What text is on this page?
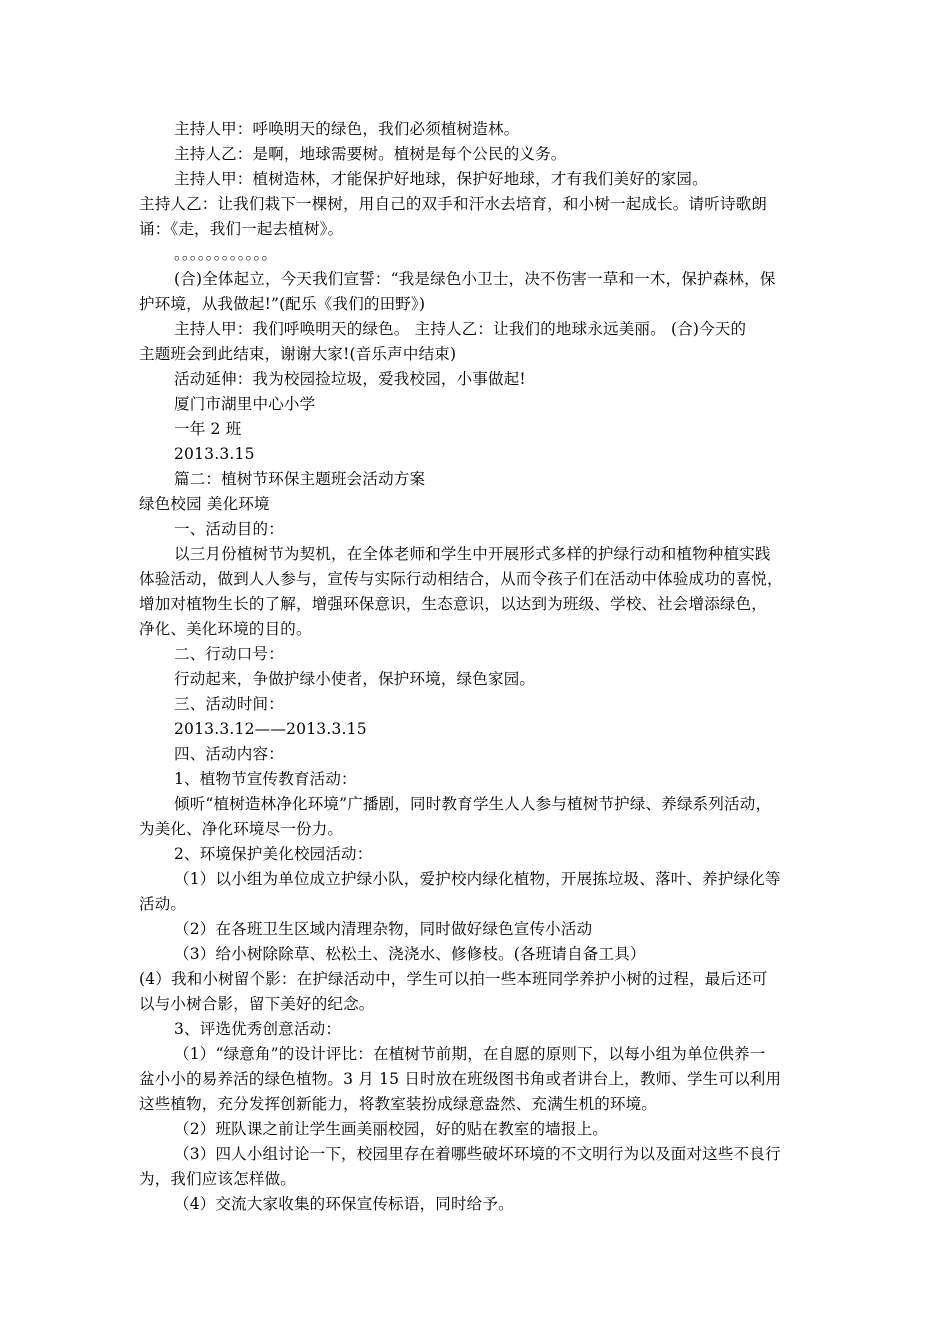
主持人甲：呼唤明天的绿色，我们必须植树造林。
主持人乙：是啊，地球需要树。植树是每个公民的义务。
主持人甲：植树造林，才能保护好地球，保护好地球，才有我们美好的家园。
主持人乙：让我们栽下一棵树，用自己的双手和汗水去培育，和小树一起成长。请听诗歌朗
诵：《走，我们一起去植树》。
。。。。。。。。。。。。
(合)全体起立，今天我们宣誓：“我是绿色小卫士，决不伤害一草和一木，保护森林，保
护环境，从我做起!”(配乐《我们的田野》)
主持人甲：我们呼唤明天的绿色。 主持人乙：让我们的地球永远美丽。 (合)今天的
主题班会到此结束，谢谢大家!(音乐声中结束)
活动延伸：我为校园捡垃圾，爱我校园，小事做起!
厦门市湖里中心小学
一年 2 班
2013.3.15
篇二：植树节环保主题班会活动方案
绿色校园 美化环境
一、活动目的：
以三月份植树节为契机，在全体老师和学生中开展形式多样的护绿行动和植物种植实践
体验活动，做到人人参与，宣传与实际行动相结合，从而令孩子们在活动中体验成功的喜悦，
增加对植物生长的了解，增强环保意识，生态意识，以达到为班级、学校、社会增添绿色，
净化、美化环境的目的。
二、行动口号：
行动起来，争做护绿小使者，保护环境，绿色家园。
三、活动时间：
2013.3.12——2013.3.15
四、活动内容：
1、植物节宣传教育活动：
倾听“植树造林净化环境”广播剧，同时教育学生人人参与植树节护绿、养绿系列活动，
为美化、净化环境尽一份力。
2、环境保护美化校园活动：
（1）以小组为单位成立护绿小队，爱护校内绿化植物，开展拣垃圾、落叶、养护绿化等
活动。
（2）在各班卫生区域内清理杂物，同时做好绿色宣传小活动
（3）给小树除除草、松松土、浇浇水、修修枝。(各班请自备工具）
(4）我和小树留个影：在护绿活动中，学生可以拍一些本班同学养护小树的过程，最后还可
以与小树合影，留下美好的纪念。
3、评选优秀创意活动：
（1）“绿意角”的设计评比：在植树节前期，在自愿的原则下，以每小组为单位供养一
盆小小的易养活的绿色植物。3 月 15 日时放在班级图书角或者讲台上，教师、学生可以利用
这些植物，充分发挥创新能力，将教室装扮成绿意盎然、充满生机的环境。
（2）班队课之前让学生画美丽校园，好的贴在教室的墙报上。
（3）四人小组讨论一下，校园里存在着哪些破坏环境的不文明行为以及面对这些不良行
为，我们应该怎样做。
（4）交流大家收集的环保宣传标语，同时给予。
